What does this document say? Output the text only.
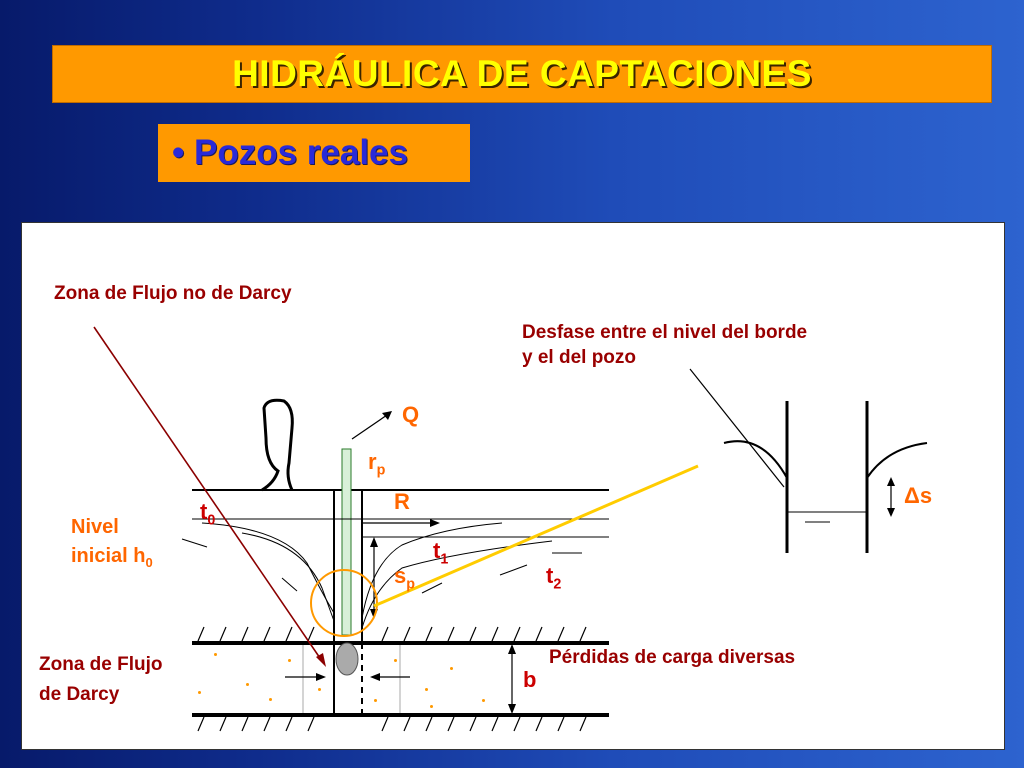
HIDRÁULICA DE CAPTACIONES
• Pozos reales
Zona de Flujo no de Darcy
Desfase entre el nivel del borde
y el del pozo
Q
$r_p$
R
$t_0$
$t_1$
$t_2$
$s_p$
Nivel
inicial $h_0$
Δs
Pérdidas de carga diversas
b
Zona de Flujo
de Darcy
